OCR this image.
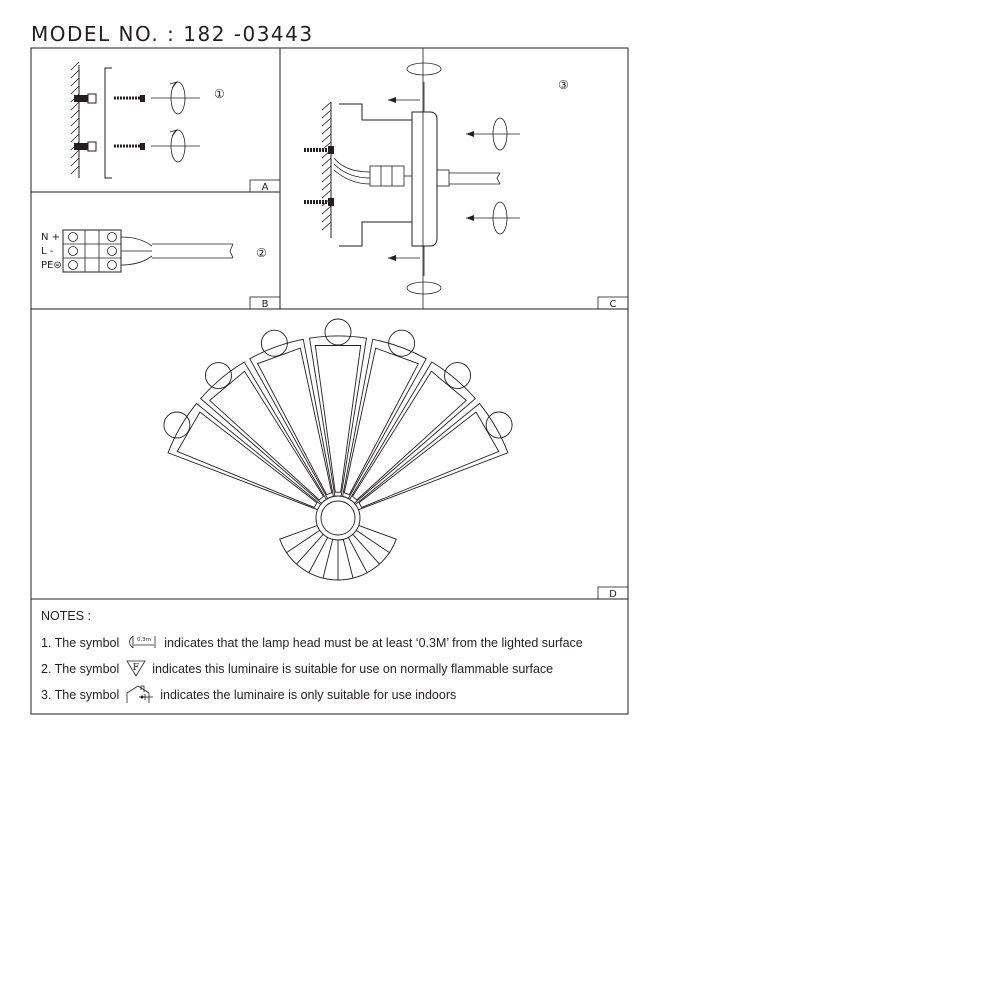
MODEL NO. : 182 -03443
①
A
N +
L -
PE⊜
②
B
③
C
D
NOTES :
1. The symbol	0.3m indicates that the lamp head must be at least ‘0.3M’ from the lighted surface
2. The symbol F indicates this luminaire is suitable for use on normally flammable surface
3. The symbol	indicates the luminaire is only suitable for use indoors
